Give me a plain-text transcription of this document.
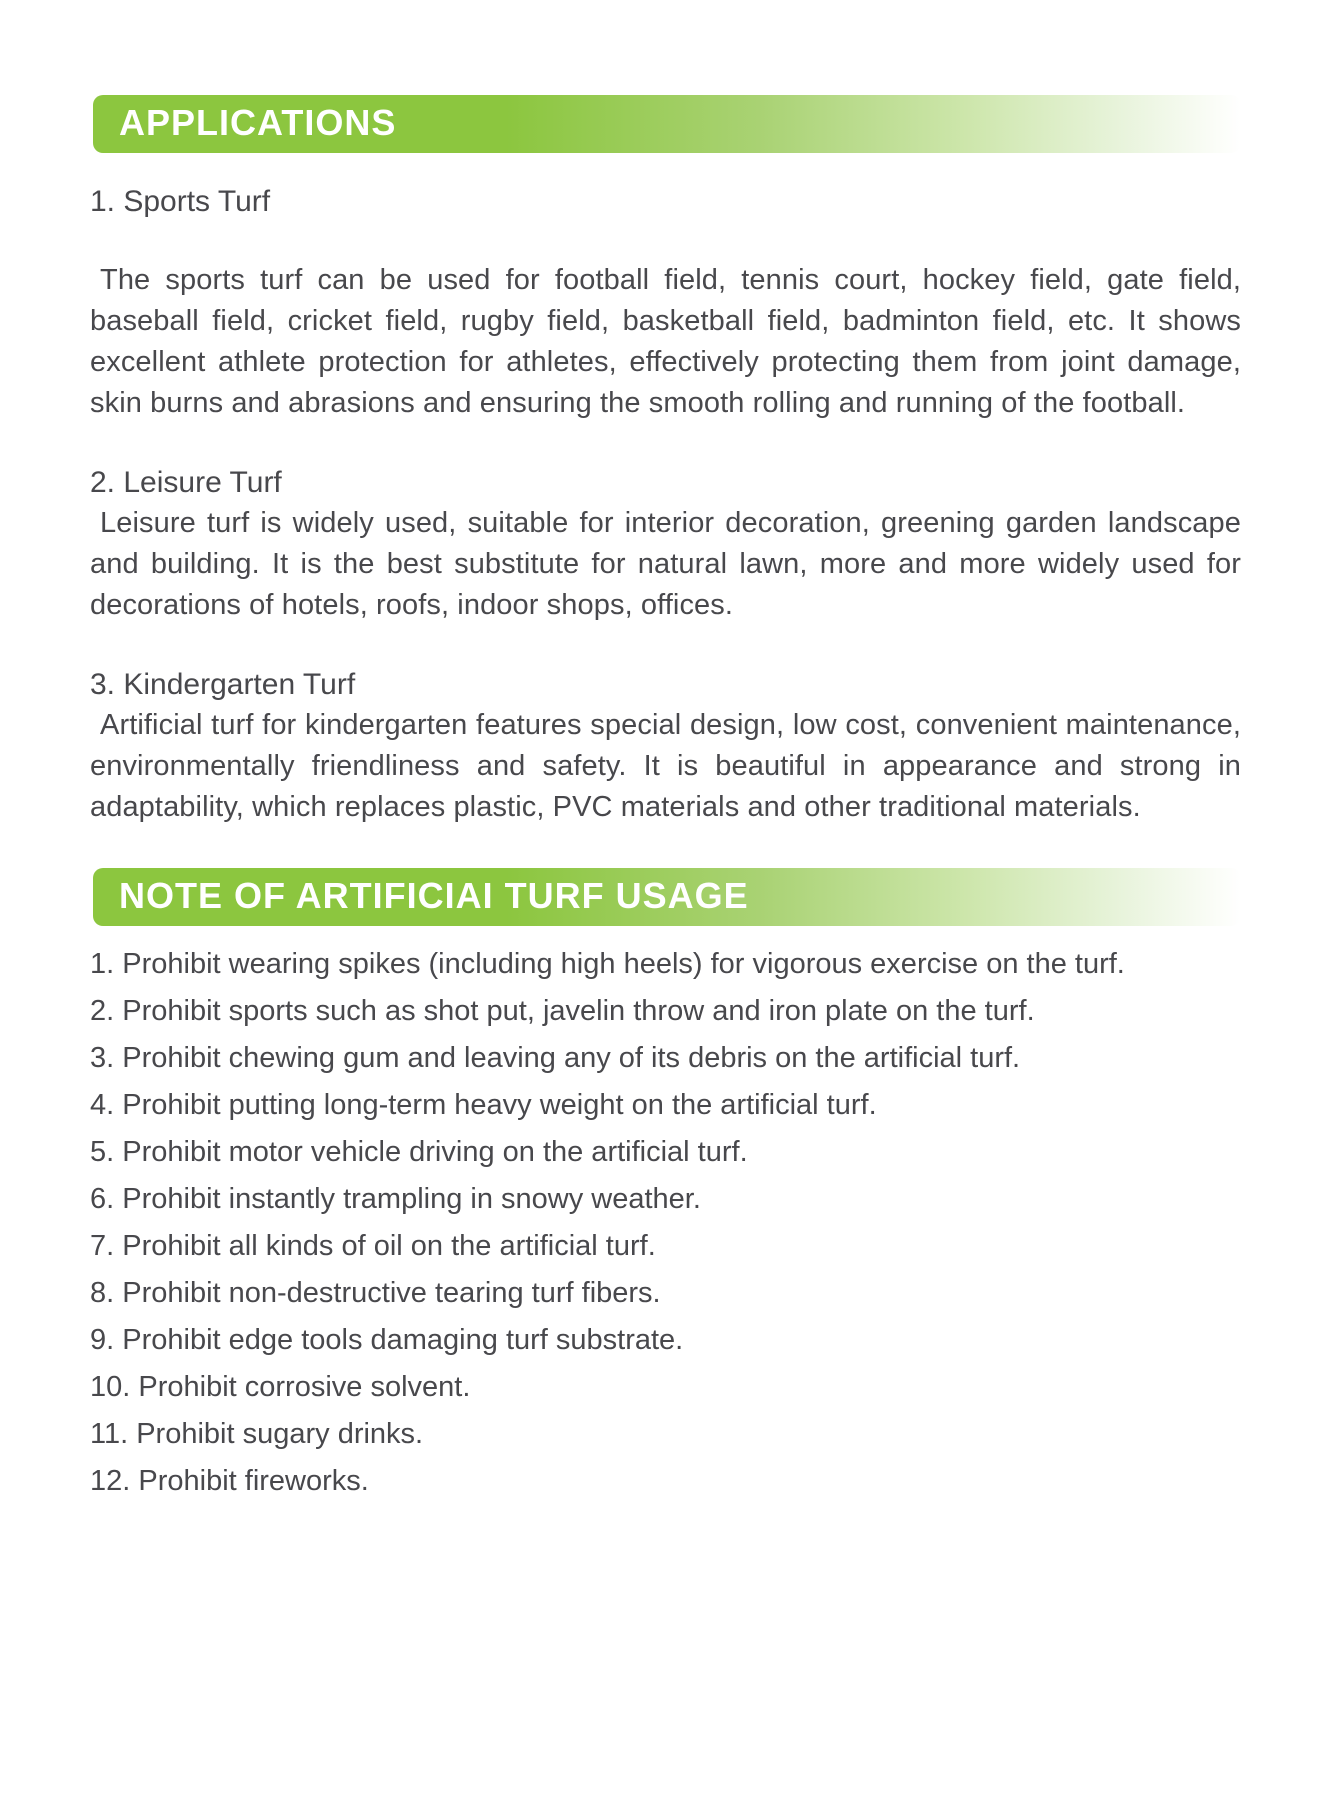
APPLICATIONS
1. Sports Turf

The sports turf can be used for football field, tennis court, hockey field, gate field, baseball field, cricket field, rugby field, basketball field, badminton field, etc. It shows excellent athlete protection for athletes, effectively protecting them from joint damage, skin burns and abrasions and ensuring the smooth rolling and running of the football.

2. Leisure Turf

Leisure turf is widely used, suitable for interior decoration, greening garden landscape and building. It is the best substitute for natural lawn, more and more widely used for decorations of hotels, roofs, indoor shops, offices.

3. Kindergarten Turf

Artificial turf for kindergarten features special design, low cost, convenient maintenance, environmentally friendliness and safety. It is beautiful in appearance and strong in adaptability, which replaces plastic, PVC materials and other traditional materials.

NOTE OF ARTIFICIAI TURF USAGE
1. Prohibit wearing spikes (including high heels) for vigorous exercise on the turf.
2. Prohibit sports such as shot put, javelin throw and iron plate on the turf.
3. Prohibit chewing gum and leaving any of its debris on the artificial turf.
4. Prohibit putting long-term heavy weight on the artificial turf.
5. Prohibit motor vehicle driving on the artificial turf.
6. Prohibit instantly trampling in snowy weather.
7. Prohibit all kinds of oil on the artificial turf.
8. Prohibit non-destructive tearing turf fibers.
9. Prohibit edge tools damaging turf substrate.
10. Prohibit corrosive solvent.
11. Prohibit sugary drinks.
12. Prohibit fireworks.
